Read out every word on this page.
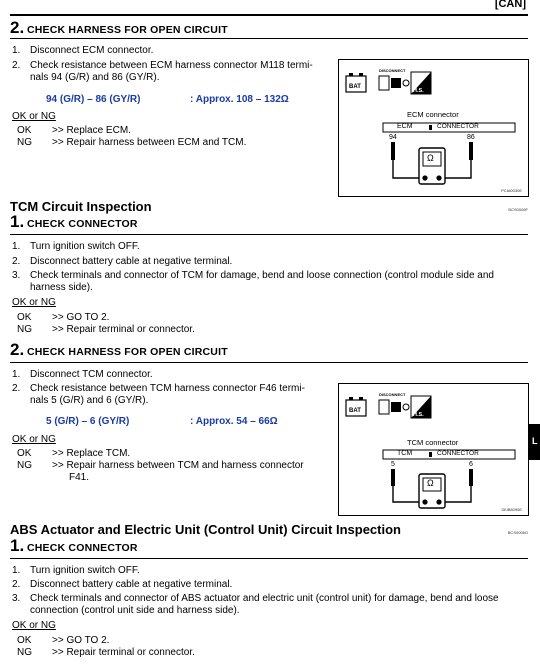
[CAN]
2. CHECK HARNESS FOR OPEN CIRCUIT
1. Disconnect ECM connector.
2. Check resistance between ECM harness connector M118 termi-
nals 94 (G/R) and 86 (GY/R).
94 (G/R) – 86 (GY/R)	: Approx. 108 – 132Ω
OK or NG
OK >> Replace ECM.
NG >> Repair harness between ECM and TCM.
BAT
DISCONNECT
H.S.
ECM connector
ECM	CONNECTOR
94	86
Ω
PCIA0030E
TCM Circuit Inspection	BCS0006F
1. CHECK CONNECTOR
1. Turn ignition switch OFF.
2. Disconnect battery cable at negative terminal.
3. Check terminals and connector of TCM for damage, bend and loose connection (control module side and
harness side).
OK or NG
OK >> GO TO 2.
NG >> Repair terminal or connector.
2. CHECK HARNESS FOR OPEN CIRCUIT
1. Disconnect TCM connector.
2. Check resistance between TCM harness connector F46 termi-
nals 5 (G/R) and 6 (GY/R).
5 (G/R) – 6 (GY/R)	: Approx. 54 – 66Ω
OK or NG
OK >> Replace TCM.
NG >> Repair harness between TCM and harness connector
F41.
BAT
DISCONNECT
H.S.
TCM connector
TCM	CONNECTOR
5	6
Ω
SKIB8095E
ABS Actuator and Electric Unit (Control Unit) Circuit Inspection	BCS0006G
1. CHECK CONNECTOR
1. Turn ignition switch OFF.
2. Disconnect battery cable at negative terminal.
3. Check terminals and connector of ABS actuator and electric unit (control unit) for damage, bend and loose
connection (control unit side and harness side).
OK or NG
OK >> GO TO 2.
NG >> Repair terminal or connector.
L
